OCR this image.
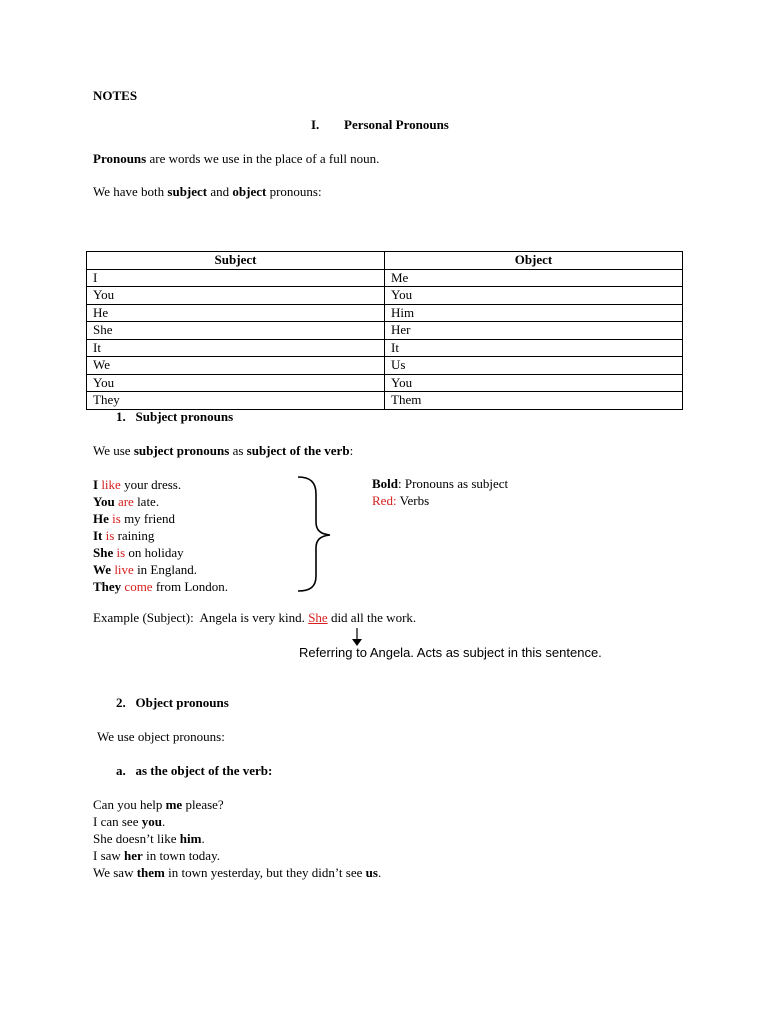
NOTES
I. Personal Pronouns
Pronouns are words we use in the place of a full noun.
We have both subject and object pronouns:
Subject	Object
I	Me
You	You
He	Him
She	Her
It	It
We	Us
You	You
They	Them
1.   Subject pronouns
We use subject pronouns as subject of the verb:
I like your dress.
You are late.
He is my friend
It is raining
She is on holiday
We live in England.
They come from London.
Bold: Pronouns as subject
Red: Verbs
Example (Subject):  Angela is very kind. She did all the work.
Referring to Angela. Acts as subject in this sentence.
2.   Object pronouns
We use object pronouns:
a.   as the object of the verb:
Can you help me please?
I can see you.
She doesn’t like him.
I saw her in town today.
We saw them in town yesterday, but they didn’t see us.
